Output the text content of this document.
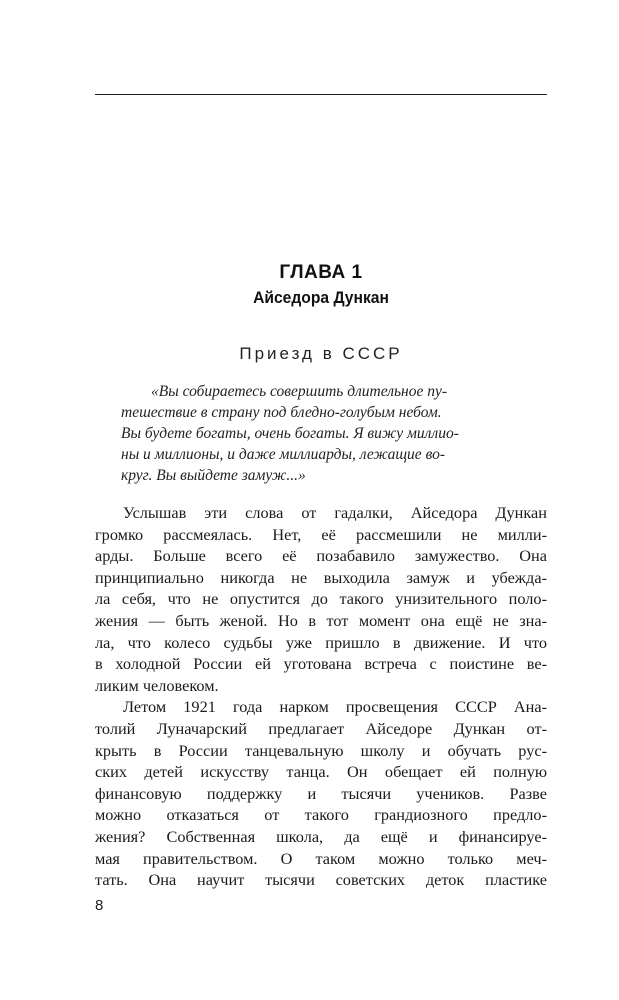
ГЛАВА 1
Айседора Дункан
Приезд в СССР
«Вы собираетесь совершить длительное пу-
тешествие в страну под бледно-голубым небом.
Вы будете богаты, очень богаты. Я вижу миллио-
ны и миллионы, и даже миллиарды, лежащие во-
круг. Вы выйдете замуж...»
Услышав эти слова от гадалки, Айседора Дункан
громко рассмеялась. Нет, её рассмешили не милли-
арды. Больше всего её позабавило замужество. Она
принципиально никогда не выходила замуж и убежда-
ла себя, что не опустится до такого унизительного поло-
жения — быть женой. Но в тот момент она ещё не зна-
ла, что колесо судьбы уже пришло в движение. И что
в холодной России ей уготована встреча с поистине ве-
ликим человеком.
Летом 1921 года нарком просвещения СССР Ана-
толий Луначарский предлагает Айседоре Дункан от-
крыть в России танцевальную школу и обучать рус-
ских детей искусству танца. Он обещает ей полную
финансовую поддержку и тысячи учеников. Разве
можно отказаться от такого грандиозного предло-
жения? Собственная школа, да ещё и финансируе-
мая правительством. О таком можно только меч-
тать. Она научит тысячи советских деток пластике
8
